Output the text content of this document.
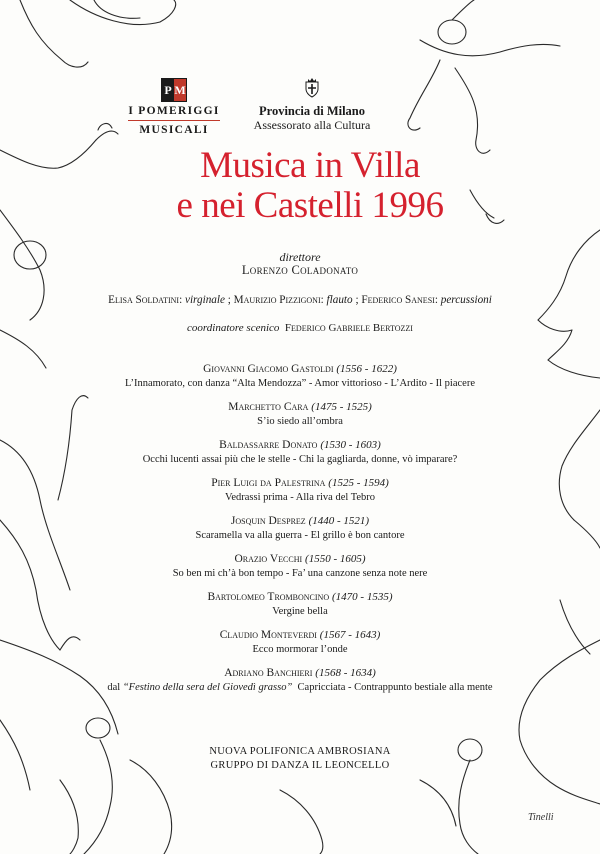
P M
I POMERIGGI
MUSICALI
Provincia di Milano
Assessorato alla Cultura
Musica in Villa
e nei Castelli 1996
direttore
Lorenzo Coladonato
Elisa Soldatini: virginale ; Maurizio Pizzigoni: flauto ; Federico Sanesi: percussioni
coordinatore scenico Federico Gabriele Bertozzi
Giovanni Giacomo Gastoldi (1556 - 1622)
L’Innamorato, con danza “Alta Mendozza” - Amor vittorioso - L’Ardito - Il piacere
Marchetto Cara (1475 - 1525)
S’io siedo all’ombra
Baldassarre Donato (1530 - 1603)
Occhi lucenti assai più che le stelle - Chi la gagliarda, donne, vò imparare?
Pier Luigi da Palestrina (1525 - 1594)
Vedrassi prima - Alla riva del Tebro
Josquin Desprez (1440 - 1521)
Scaramella va alla guerra - El grillo è bon cantore
Orazio Vecchi (1550 - 1605)
So ben mi ch’à bon tempo - Fa’ una canzone senza note nere
Bartolomeo Tromboncino (1470 - 1535)
Vergine bella
Claudio Monteverdi (1567 - 1643)
Ecco mormorar l’onde
Adriano Banchieri (1568 - 1634)
dal “Festino della sera del Giovedì grasso” Capricciata - Contrappunto bestiale alla mente
NUOVA POLIFONICA AMBROSIANA
GRUPPO DI DANZA IL LEONCELLO
Tinelli
